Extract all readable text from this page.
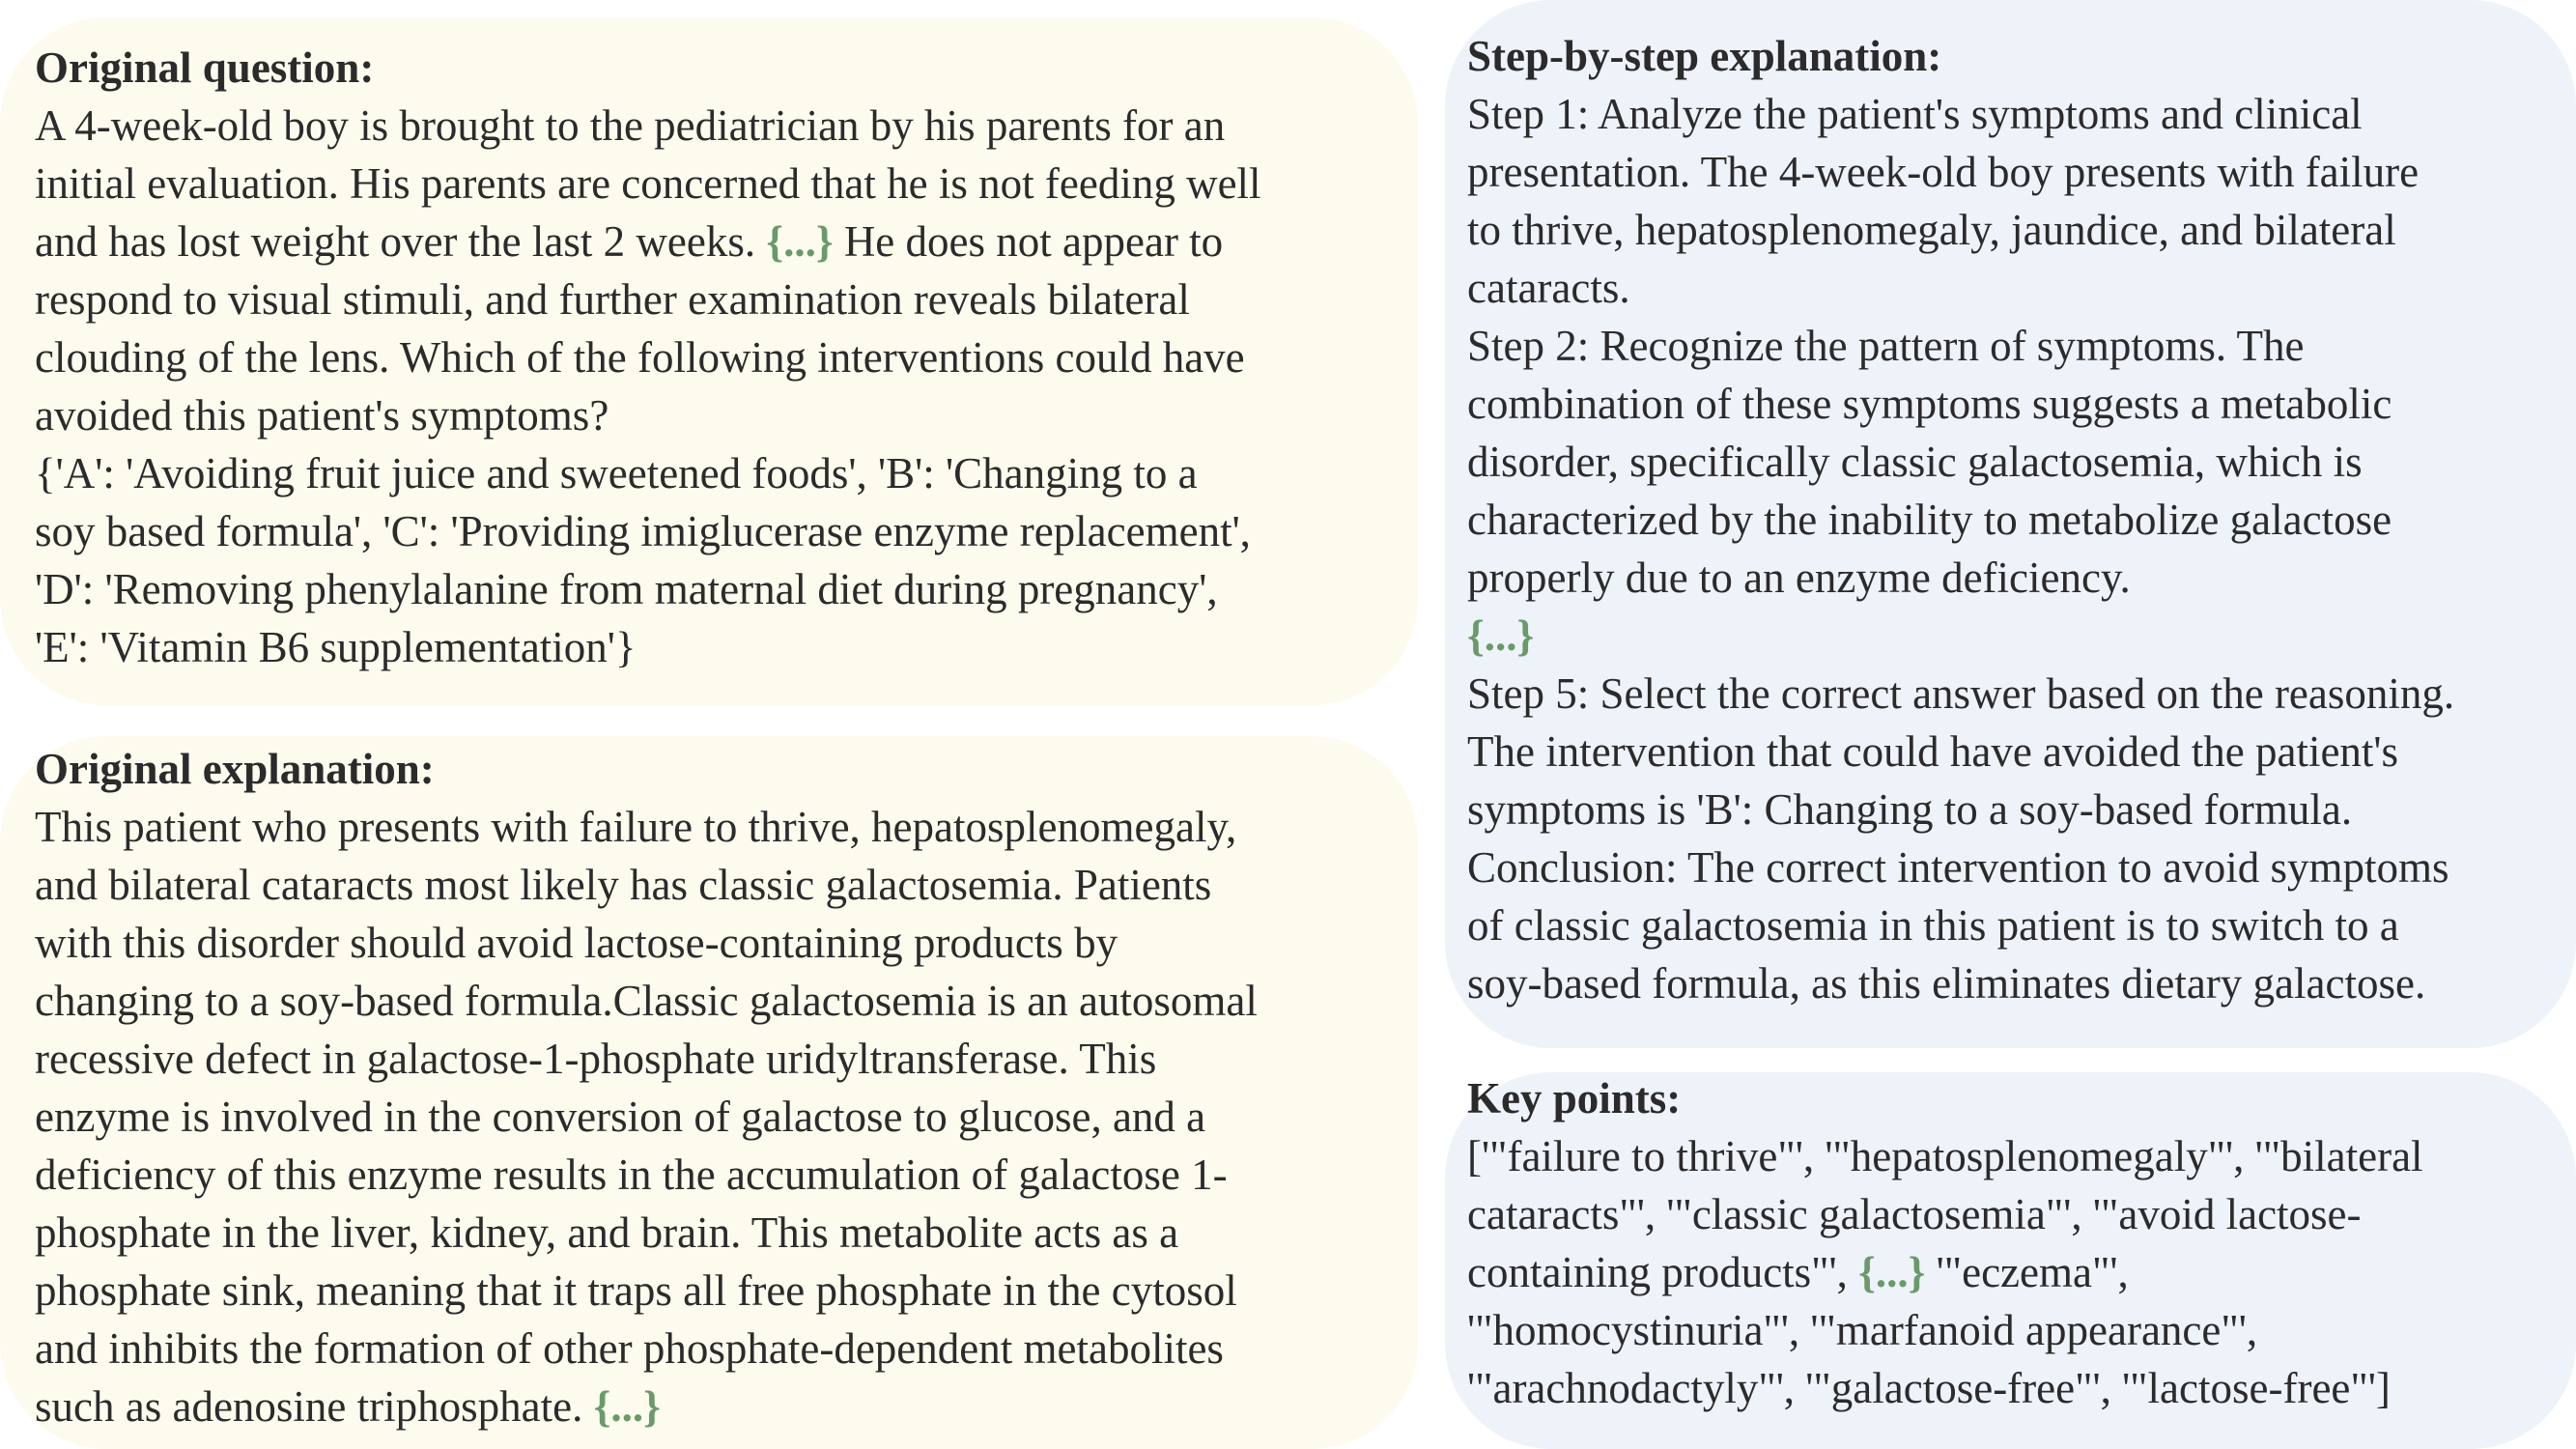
Original question:
A 4-week-old boy is brought to the pediatrician by his parents for an
initial evaluation. His parents are concerned that he is not feeding well
and has lost weight over the last 2 weeks. {...} He does not appear to
respond to visual stimuli, and further examination reveals bilateral
clouding of the lens. Which of the following interventions could have
avoided this patient's symptoms?
{'A': 'Avoiding fruit juice and sweetened foods', 'B': 'Changing to a
soy based formula', 'C': 'Providing imiglucerase enzyme replacement',
'D': 'Removing phenylalanine from maternal diet during pregnancy',
'E': 'Vitamin B6 supplementation'}
Original explanation:
This patient who presents with failure to thrive, hepatosplenomegaly,
and bilateral cataracts most likely has classic galactosemia. Patients
with this disorder should avoid lactose-containing products by
changing to a soy-based formula.Classic galactosemia is an autosomal
recessive defect in galactose-1-phosphate uridyltransferase. This
enzyme is involved in the conversion of galactose to glucose, and a
deficiency of this enzyme results in the accumulation of galactose 1-
phosphate in the liver, kidney, and brain. This metabolite acts as a
phosphate sink, meaning that it traps all free phosphate in the cytosol
and inhibits the formation of other phosphate-dependent metabolites
such as adenosine triphosphate. {...}
Step-by-step explanation:
Step 1: Analyze the patient's symptoms and clinical
presentation. The 4-week-old boy presents with failure
to thrive, hepatosplenomegaly, jaundice, and bilateral
cataracts.
Step 2: Recognize the pattern of symptoms. The
combination of these symptoms suggests a metabolic
disorder, specifically classic galactosemia, which is
characterized by the inability to metabolize galactose
properly due to an enzyme deficiency.
{...}
Step 5: Select the correct answer based on the reasoning.
The intervention that could have avoided the patient's
symptoms is 'B': Changing to a soy-based formula.
Conclusion: The correct intervention to avoid symptoms
of classic galactosemia in this patient is to switch to a
soy-based formula, as this eliminates dietary galactose.
Key points:
['"failure to thrive"', '"hepatosplenomegaly"', '"bilateral
cataracts"', '"classic galactosemia"', '"avoid lactose-
containing products"', {...} '"eczema"',
'"homocystinuria"', '"marfanoid appearance"',
'"arachnodactyly"', '"galactose-free"', '"lactose-free"']
